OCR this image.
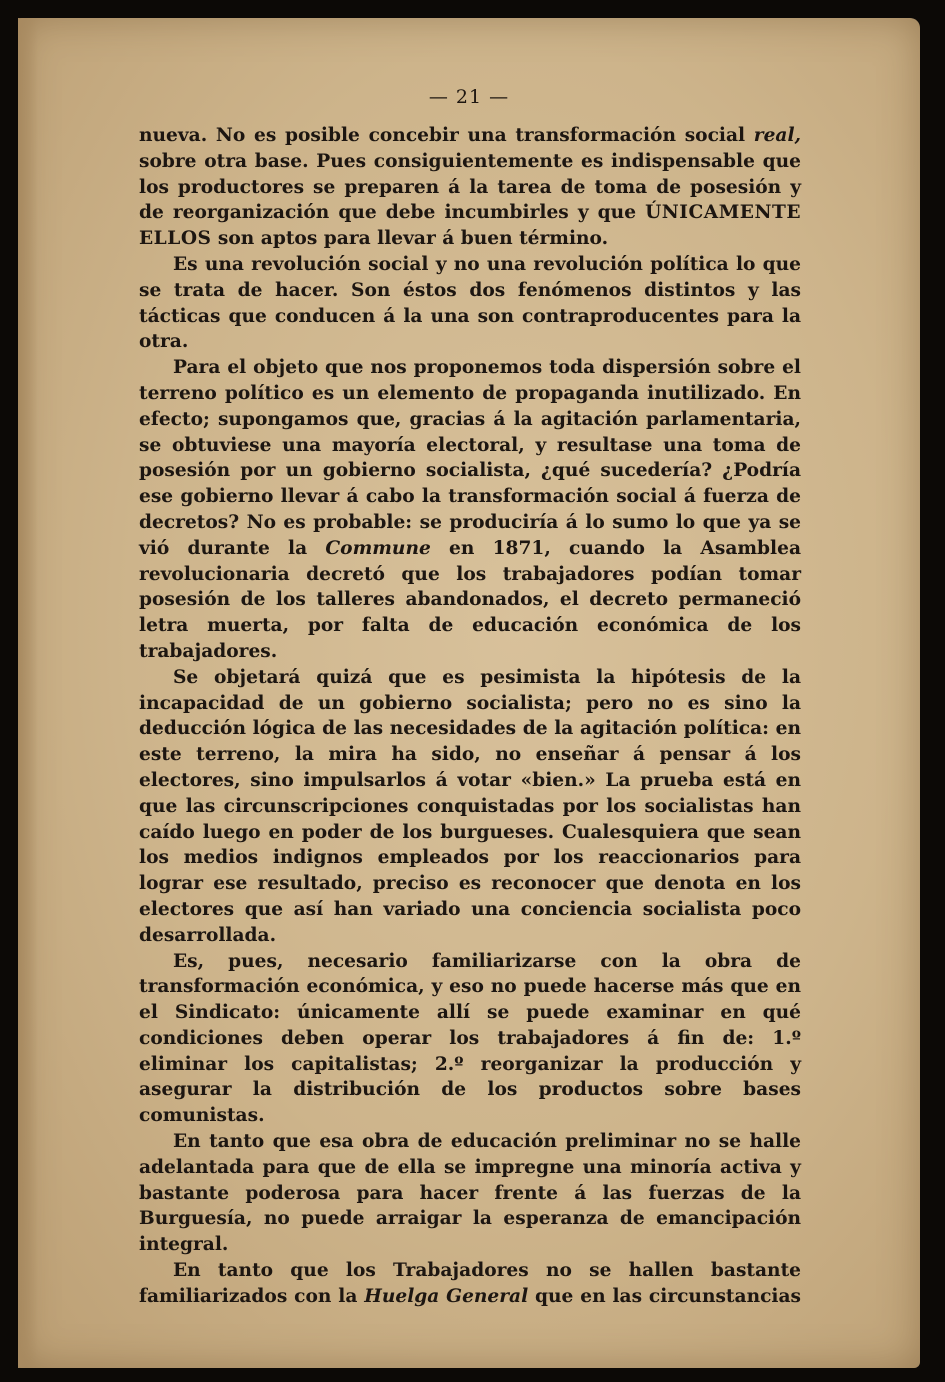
— 21 —

nueva. No es posible concebir una transformación social real, sobre otra base. Pues consiguientemente es indispensable que los productores se preparen á la tarea de toma de posesión y de reorganización que debe incumbirles y que ÚNICAMENTE ELLOS son aptos para llevar á buen término.

Es una revolución social y no una revolución política lo que se trata de hacer. Son éstos dos fenómenos distintos y las tácticas que conducen á la una son contraproducentes para la otra.

Para el objeto que nos proponemos toda dispersión sobre el terreno político es un elemento de propaganda inutilizado. En efecto; supongamos que, gracias á la agitación parlamentaria, se obtuviese una mayoría electoral, y resultase una toma de posesión por un gobierno socialista, ¿qué sucedería? ¿Podría ese gobierno llevar á cabo la transformación social á fuerza de decretos? No es probable: se produciría á lo sumo lo que ya se vió durante la Commune en 1871, cuando la Asamblea revolucionaria decretó que los trabajadores podían tomar posesión de los talleres abandonados, el decreto permaneció letra muerta, por falta de educación económica de los trabajadores.

Se objetará quizá que es pesimista la hipótesis de la incapacidad de un gobierno socialista; pero no es sino la deducción lógica de las necesidades de la agitación política: en este terreno, la mira ha sido, no enseñar á pensar á los electores, sino impulsarlos á votar «bien.» La prueba está en que las circunscripciones conquistadas por los socialistas han caído luego en poder de los burgueses. Cualesquiera que sean los medios indignos empleados por los reaccionarios para lograr ese resultado, preciso es reconocer que denota en los electores que así han variado una conciencia socialista poco desarrollada.

Es, pues, necesario familiarizarse con la obra de transformación económica, y eso no puede hacerse más que en el Sindicato: únicamente allí se puede examinar en qué condiciones deben operar los trabajadores á fin de: 1.º eliminar los capitalistas; 2.º reorganizar la producción y asegurar la distribución de los productos sobre bases comunistas.

En tanto que esa obra de educación preliminar no se halle adelantada para que de ella se impregne una minoría activa y bastante poderosa para hacer frente á las fuerzas de la Burguesía, no puede arraigar la esperanza de emancipación integral.

En tanto que los Trabajadores no se hallen bastante familiarizados con la Huelga General que en las circunstancias
